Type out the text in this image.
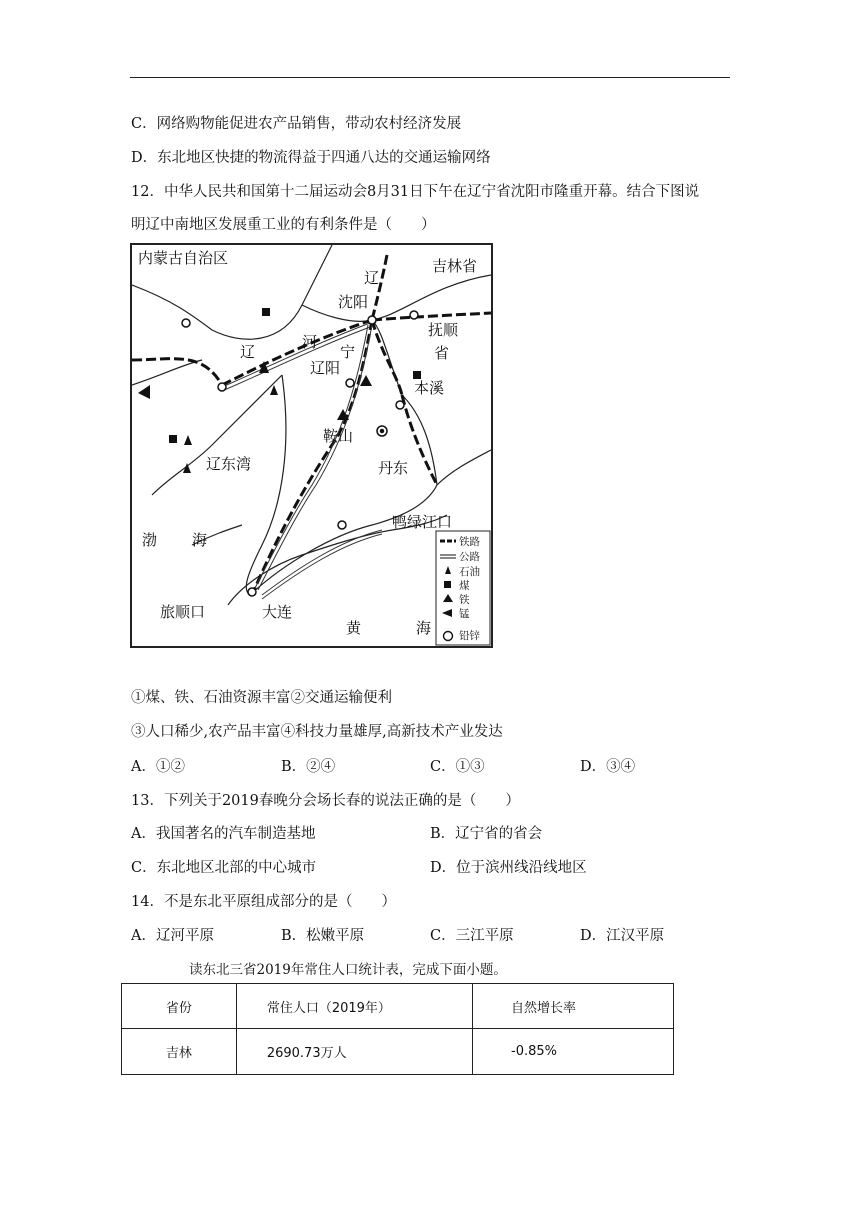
C．网络购物能促进农产品销售，带动农村经济发展
D．东北地区快捷的物流得益于四通八达的交通运输网络
12．中华人民共和国第十二届运动会8月31日下午在辽宁省沈阳市隆重开幕。结合下图说
明辽中南地区发展重工业的有利条件是（　　）
内蒙古自治区	吉林省
辽
沈阳
抚顺
省
辽
河
宁
辽阳
本溪
鞍山
辽东湾	丹东
渤 海
鸭绿江口
旅顺口	大连
黄	海
铁路
公路
石油
煤
铁
锰
铅锌
①煤、铁、石油资源丰富②交通运输便利
③人口稀少,农产品丰富④科技力量雄厚,高新技术产业发达
A．①②	B．②④	C．①③	D．③④
13．下列关于2019春晚分会场长春的说法正确的是（　　）
A．我国著名的汽车制造基地	B．辽宁省的省会
C．东北地区北部的中心城市	D．位于滨州线沿线地区
14．不是东北平原组成部分的是（　　）
A．辽河平原	B．松嫩平原	C．三江平原	D．江汉平原
读东北三省2019年常住人口统计表，完成下面小题。
省份	常住人口（2019年）	自然增长率
吉林	2690.73万人	-0.85%
